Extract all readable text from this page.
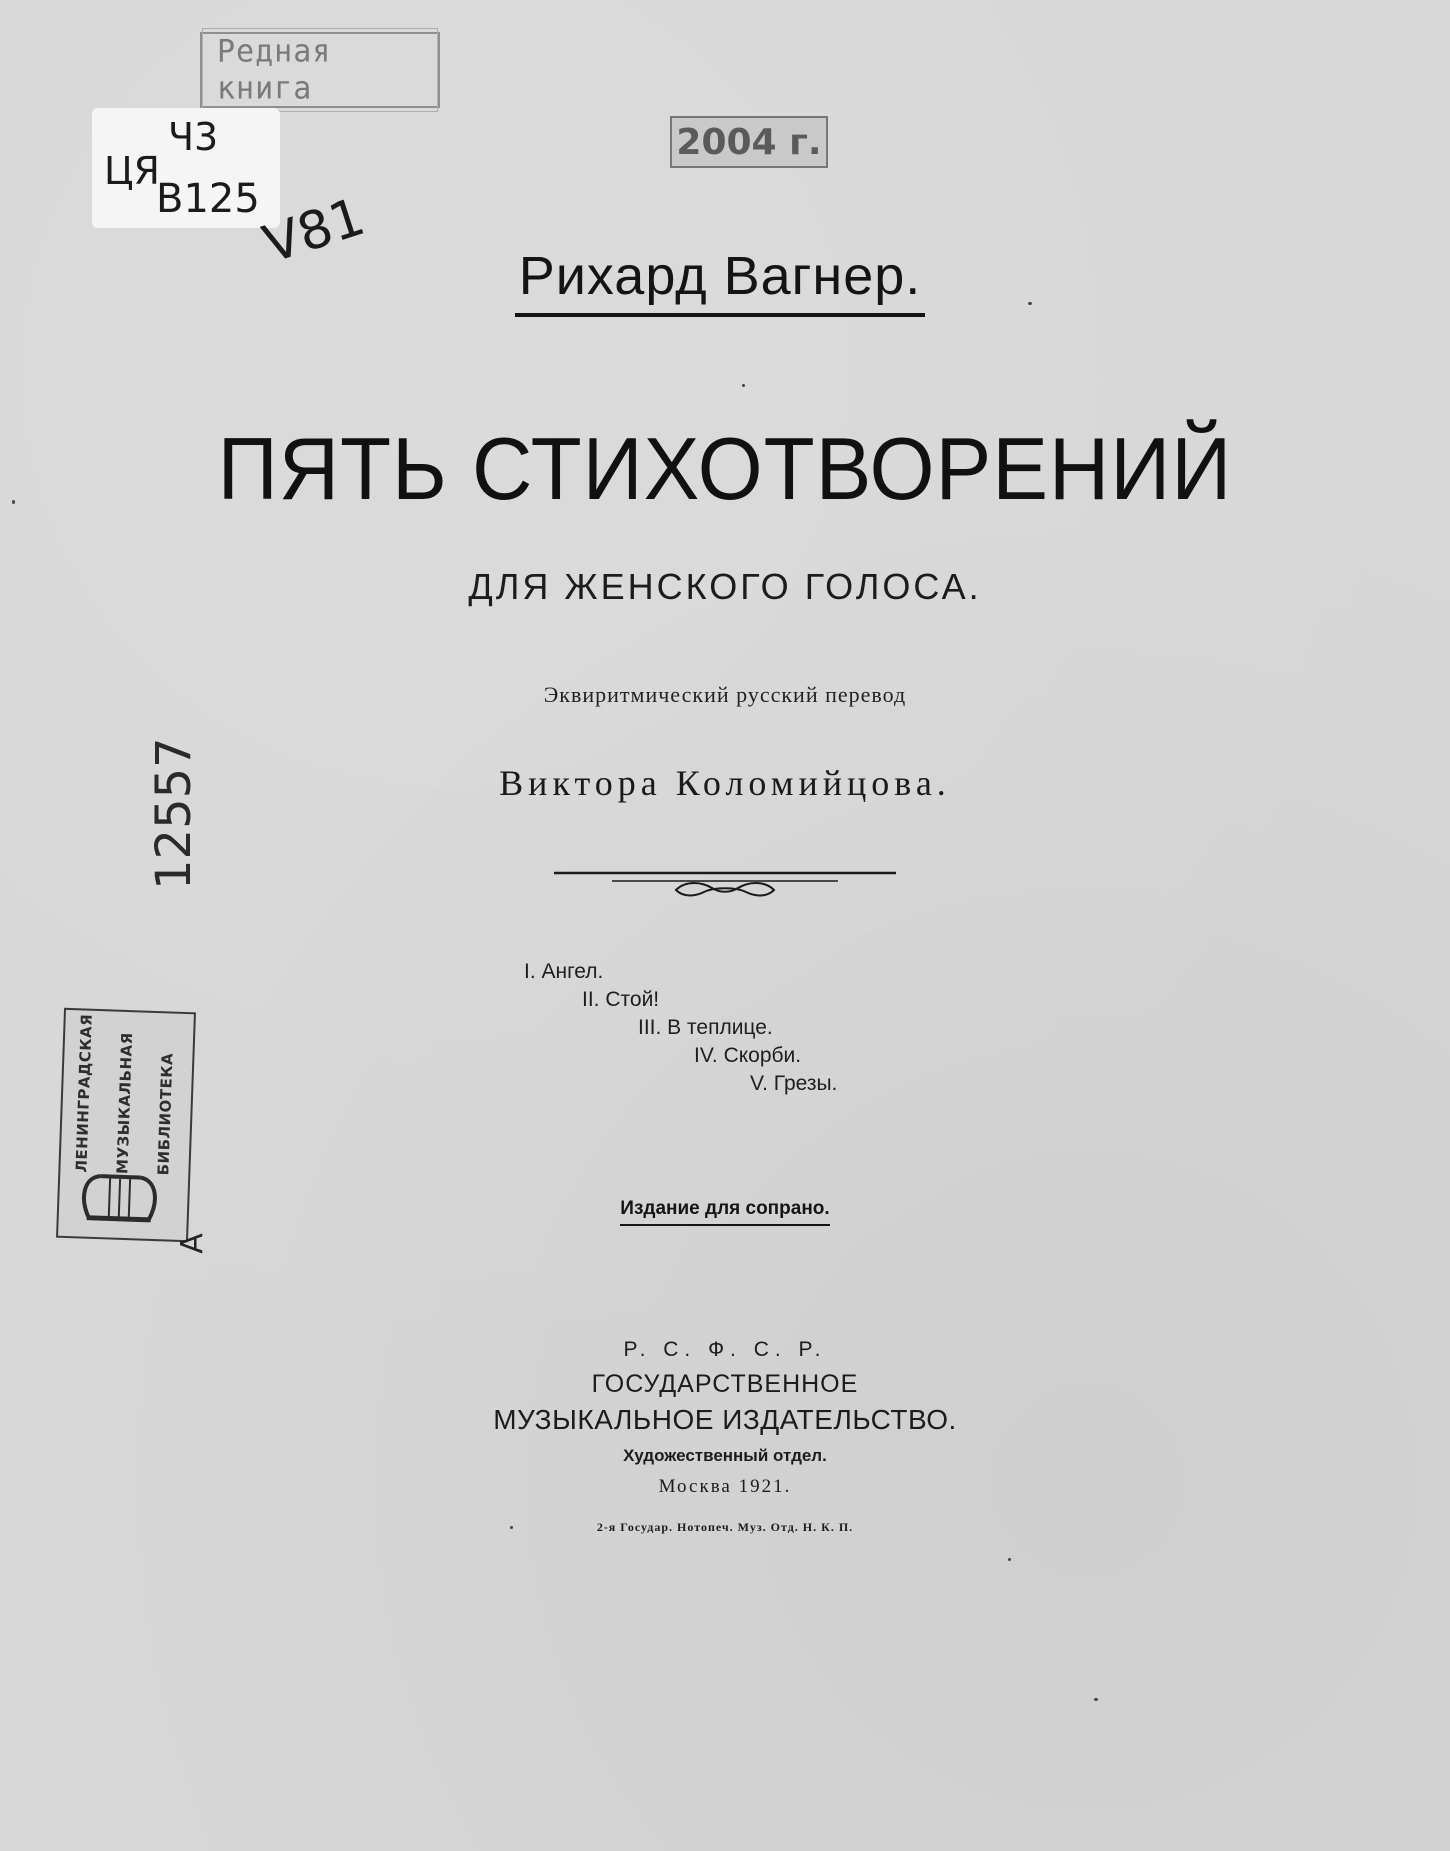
Редная книга
2004 г.
ЦЯ
Ч3
В125
V81
12557
ЛЕНИНГРАДСКАЯ МУЗЫКАЛЬНАЯ БИБЛИОТЕКА
A
Рихард Вагнер.
ПЯТЬ СТИХОТВОРЕНИЙ
ДЛЯ ЖЕНСКОГО ГОЛОСА.
Эквиритмический русский перевод
Виктора Коломийцова.
I. Ангел.
II. Стой!
III. В теплице.
IV. Скорби.
V. Грезы.
Издание для сопрано.
Р. С. Ф. С. Р.
ГОСУДАРСТВЕННОЕ
МУЗЫКАЛЬНОЕ ИЗДАТЕЛЬСТВО.
Художественный отдел.
Москва 1921.
2-я Государ. Нотопеч. Муз. Отд. Н. К. П.
